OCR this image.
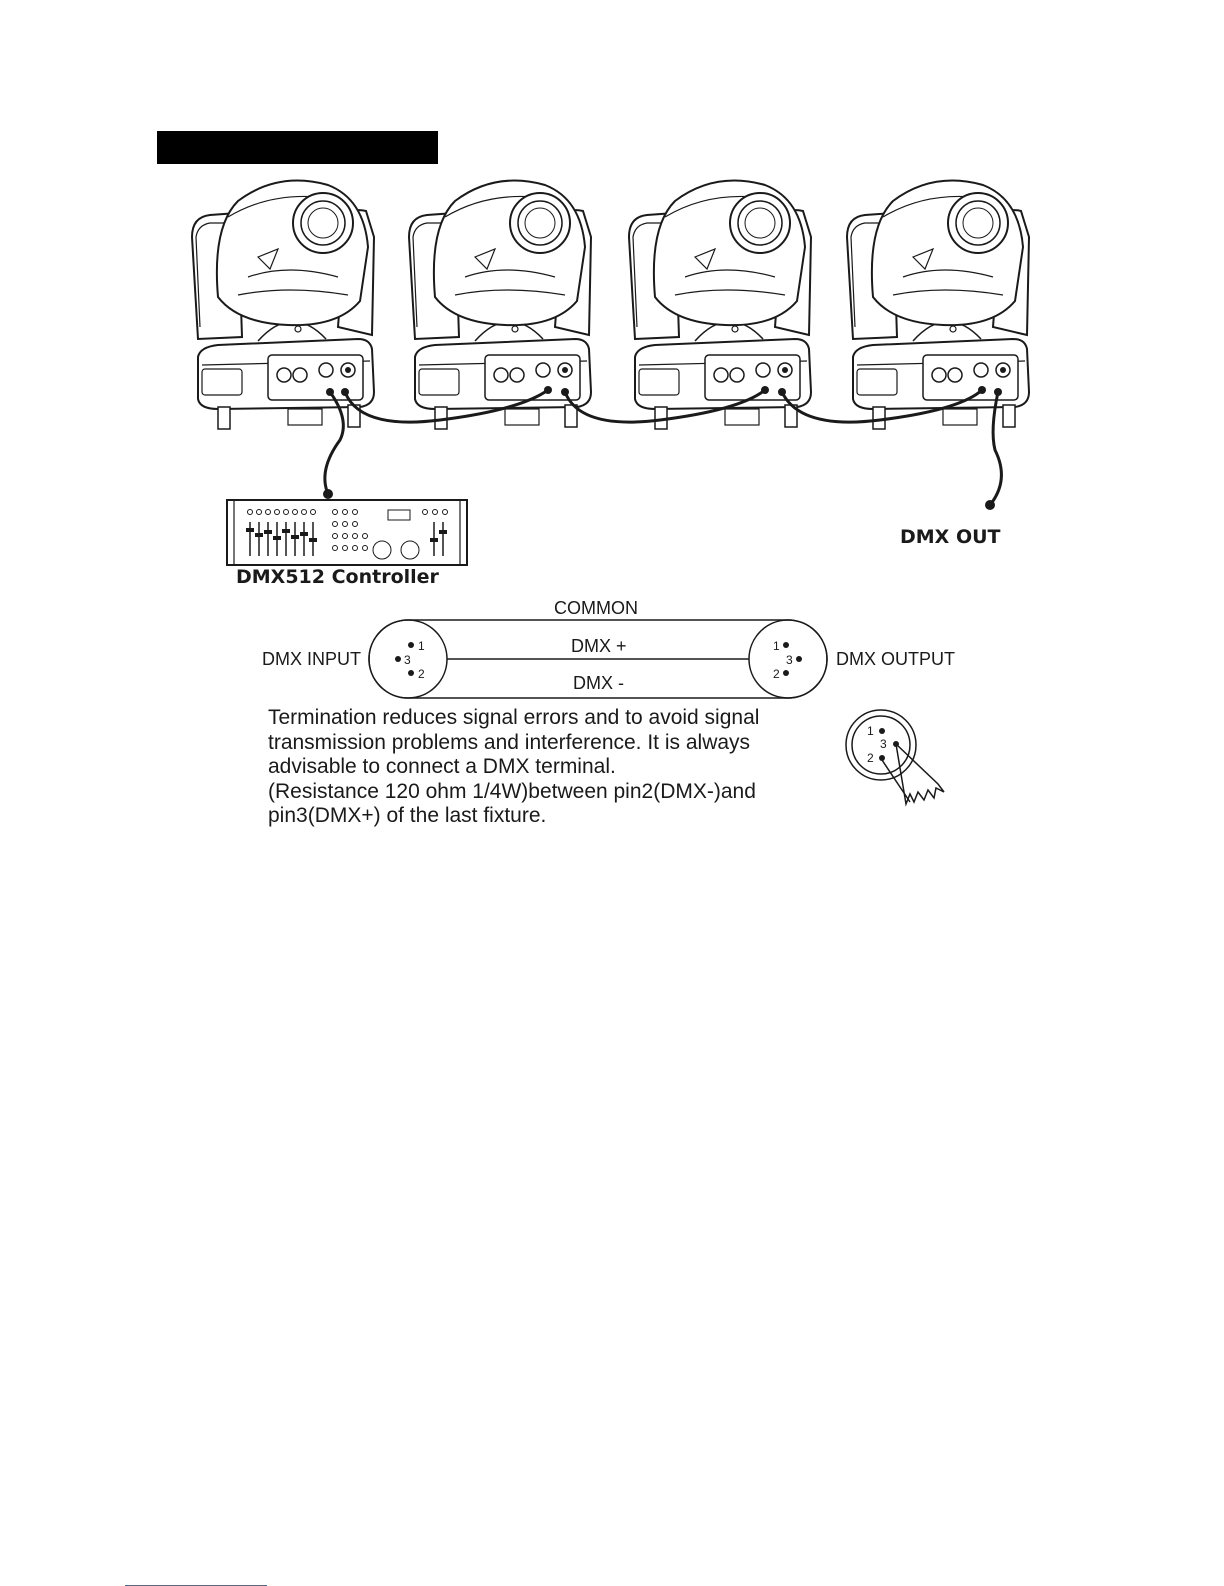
1
3
2
1
3
2
1
3
2
DMX512 Controller
DMX OUT
COMMON
DMX +
DMX -
DMX INPUT	DMX OUTPUT
Termination reduces signal errors and to avoid signal
transmission problems and interference. It is always
advisable to connect a DMX terminal.
(Resistance 120 ohm 1/4W)between pin2(DMX-)and
pin3(DMX+) of the last fixture.
